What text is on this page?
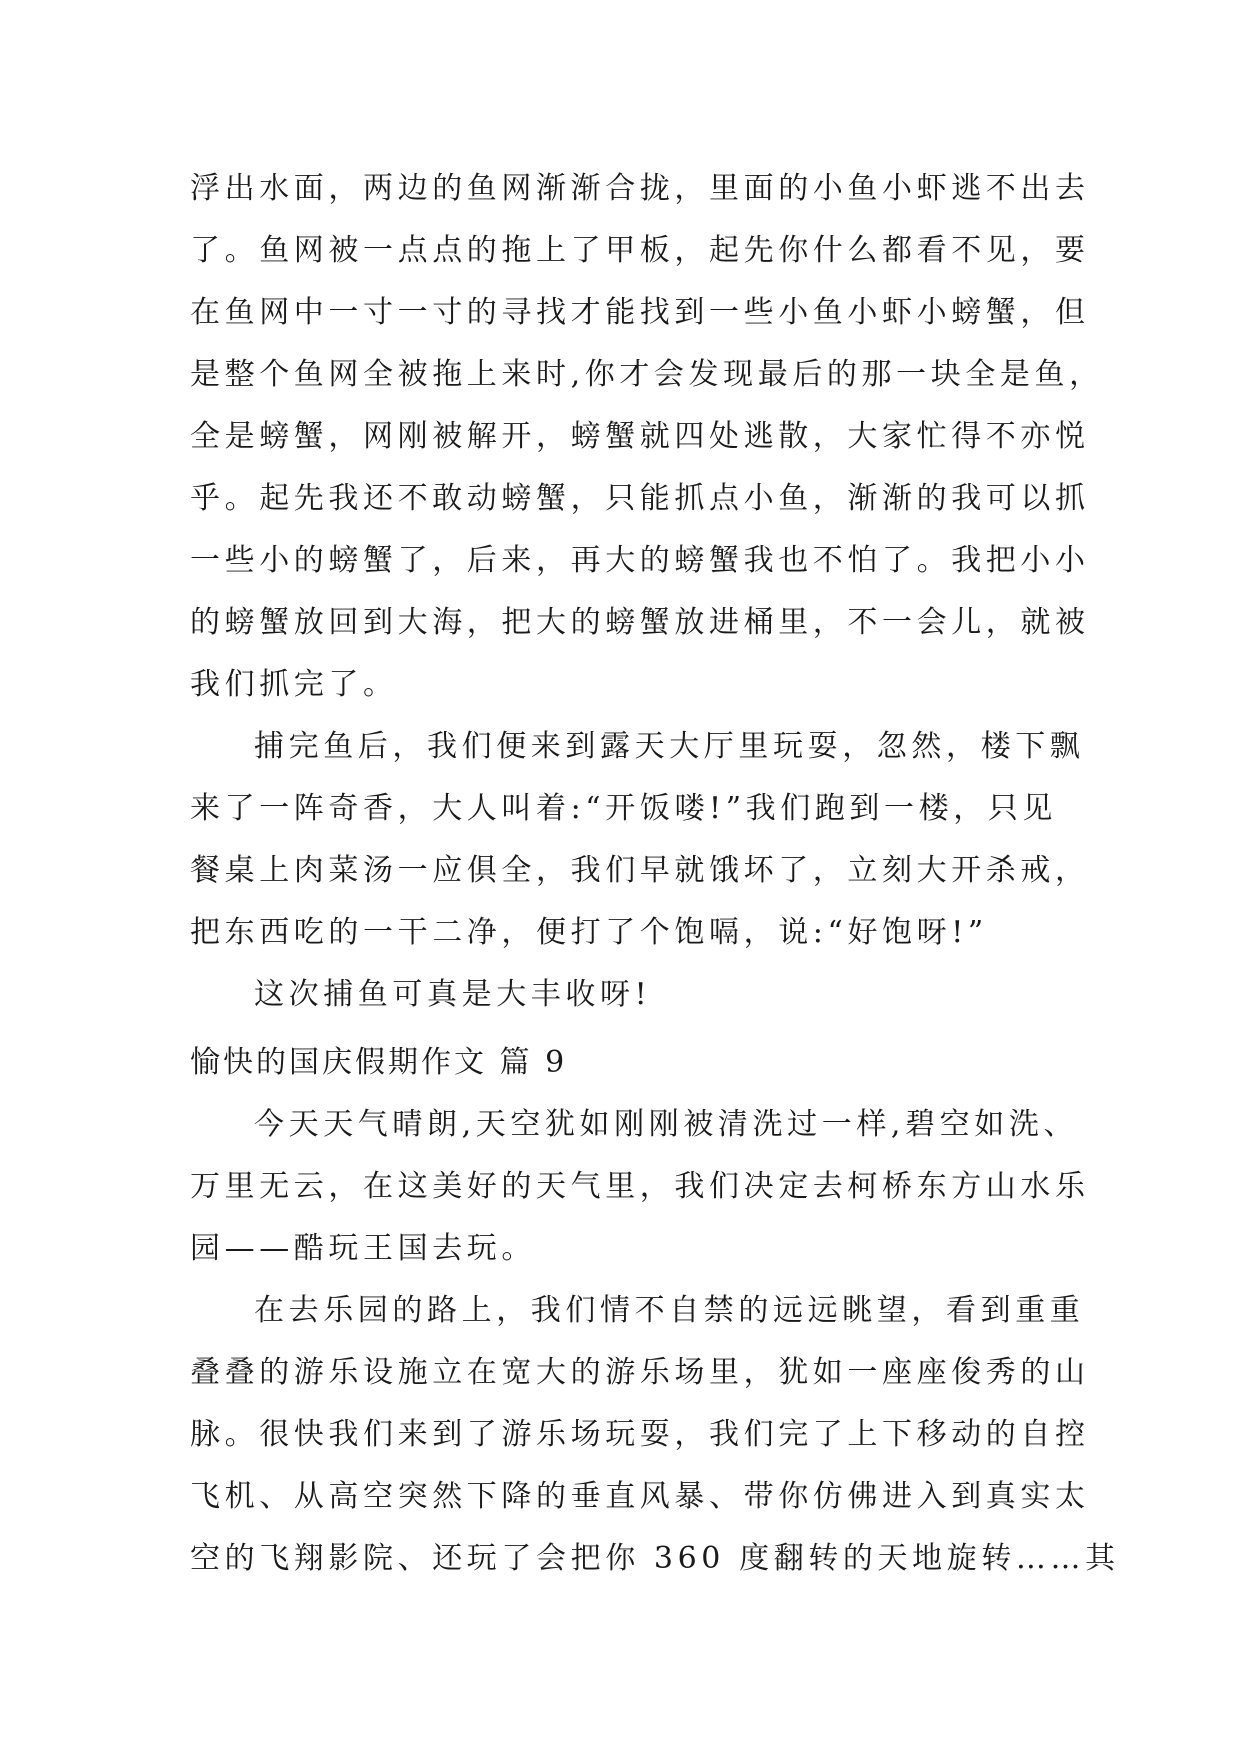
浮出水面，两边的鱼网渐渐合拢，里面的小鱼小虾逃不出去
了。鱼网被一点点的拖上了甲板，起先你什么都看不见，要
在鱼网中一寸一寸的寻找才能找到一些小鱼小虾小螃蟹，但
是整个鱼网全被拖上来时,你才会发现最后的那一块全是鱼，
全是螃蟹，网刚被解开，螃蟹就四处逃散，大家忙得不亦悦
乎。起先我还不敢动螃蟹，只能抓点小鱼，渐渐的我可以抓
一些小的螃蟹了，后来，再大的螃蟹我也不怕了。我把小小
的螃蟹放回到大海，把大的螃蟹放进桶里，不一会儿，就被
我们抓完了。
捕完鱼后，我们便来到露天大厅里玩耍，忽然，楼下飘
来了一阵奇香，大人叫着:“开饭喽!”我们跑到一楼，只见
餐桌上肉菜汤一应俱全，我们早就饿坏了，立刻大开杀戒，
把东西吃的一干二净，便打了个饱嗝，说:“好饱呀!”
这次捕鱼可真是大丰收呀!
愉快的国庆假期作文 篇 9
今天天气晴朗,天空犹如刚刚被清洗过一样,碧空如洗、
万里无云，在这美好的天气里，我们决定去柯桥东方山水乐
园——酷玩王国去玩。
在去乐园的路上，我们情不自禁的远远眺望，看到重重
叠叠的游乐设施立在宽大的游乐场里，犹如一座座俊秀的山
脉。很快我们来到了游乐场玩耍，我们完了上下移动的自控
飞机、从高空突然下降的垂直风暴、带你仿佛进入到真实太
空的飞翔影院、还玩了会把你 360 度翻转的天地旋转……其
